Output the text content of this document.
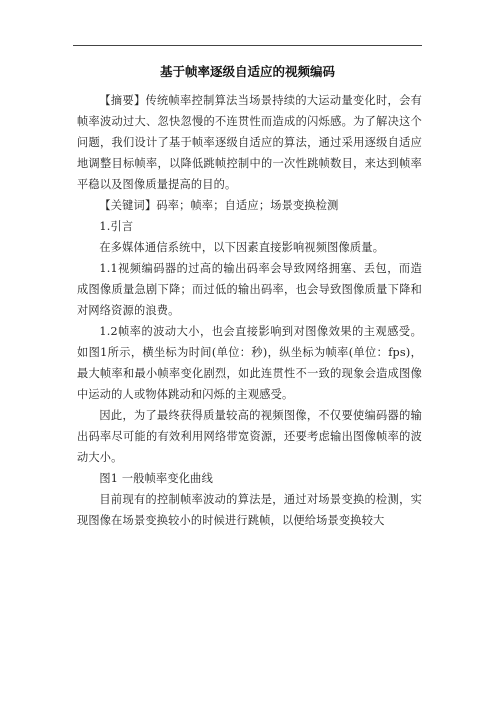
基于帧率逐级自适应的视频编码

【摘要】传统帧率控制算法当场景持续的大运动量变化时，会有帧率波动过大、忽快忽慢的不连贯性而造成的闪烁感。为了解决这个问题，我们设计了基于帧率逐级自适应的算法，通过采用逐级自适应地调整目标帧率，以降低跳帧控制中的一次性跳帧数目，来达到帧率平稳以及图像质量提高的目的。

【关键词】码率；帧率；自适应；场景变换检测

1.引言

在多媒体通信系统中，以下因素直接影响视频图像质量。

1.1视频编码器的过高的输出码率会导致网络拥塞、丢包，而造成图像质量急剧下降；而过低的输出码率，也会导致图像质量下降和对网络资源的浪费。

1.2帧率的波动大小，也会直接影响到对图像效果的主观感受。如图1所示，横坐标为时间(单位：秒)，纵坐标为帧率(单位：fps)，最大帧率和最小帧率变化剧烈，如此连贯性不一致的现象会造成图像中运动的人或物体跳动和闪烁的主观感受。

因此，为了最终获得质量较高的视频图像，不仅要使编码器的输出码率尽可能的有效利用网络带宽资源，还要考虑输出图像帧率的波动大小。

图1 一般帧率变化曲线

目前现有的控制帧率波动的算法是，通过对场景变换的检测，实现图像在场景变换较小的时候进行跳帧，以便给场景变换较大
